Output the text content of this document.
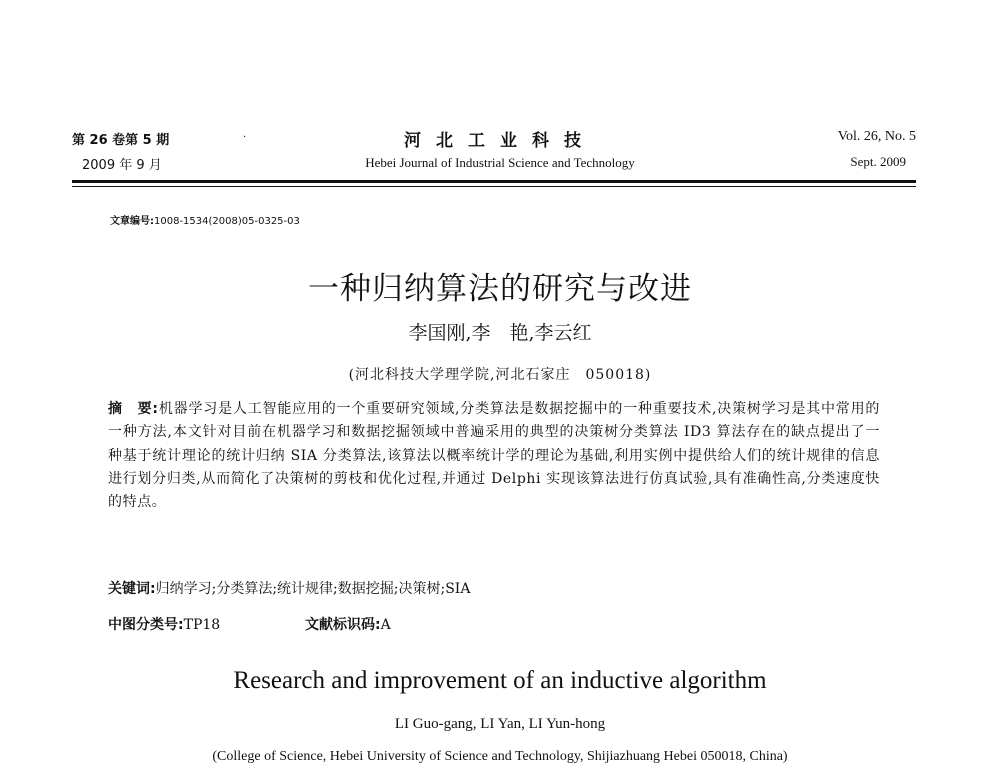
第 26 卷第 5 期
2009 年 9 月
·	河北工业科技
Hebei Journal of Industrial Science and Technology
Vol. 26, No. 5
Sept. 2009
文章编号:1008-1534(2008)05-0325-03
一种归纳算法的研究与改进
李国刚,李　艳,李云红
(河北科技大学理学院,河北石家庄　050018)
摘　要:机器学习是人工智能应用的一个重要研究领域,分类算法是数据挖掘中的一种重要技术,决策树学习是其中常用的一种方法,本文针对目前在机器学习和数据挖掘领域中普遍采用的典型的决策树分类算法 ID3 算法存在的缺点提出了一种基于统计理论的统计归纳 SIA 分类算法,该算法以概率统计学的理论为基础,利用实例中提供给人们的统计规律的信息进行划分归类,从而简化了决策树的剪枝和优化过程,并通过 Delphi 实现该算法进行仿真试验,具有准确性高,分类速度快的特点。
关键词:归纳学习;分类算法;统计规律;数据挖掘;决策树;SIA
中图分类号:TP18	文献标识码:A
Research and improvement of an inductive algorithm
LI Guo-gang, LI Yan, LI Yun-hong
(College of Science, Hebei University of Science and Technology, Shijiazhuang Hebei 050018, China)
